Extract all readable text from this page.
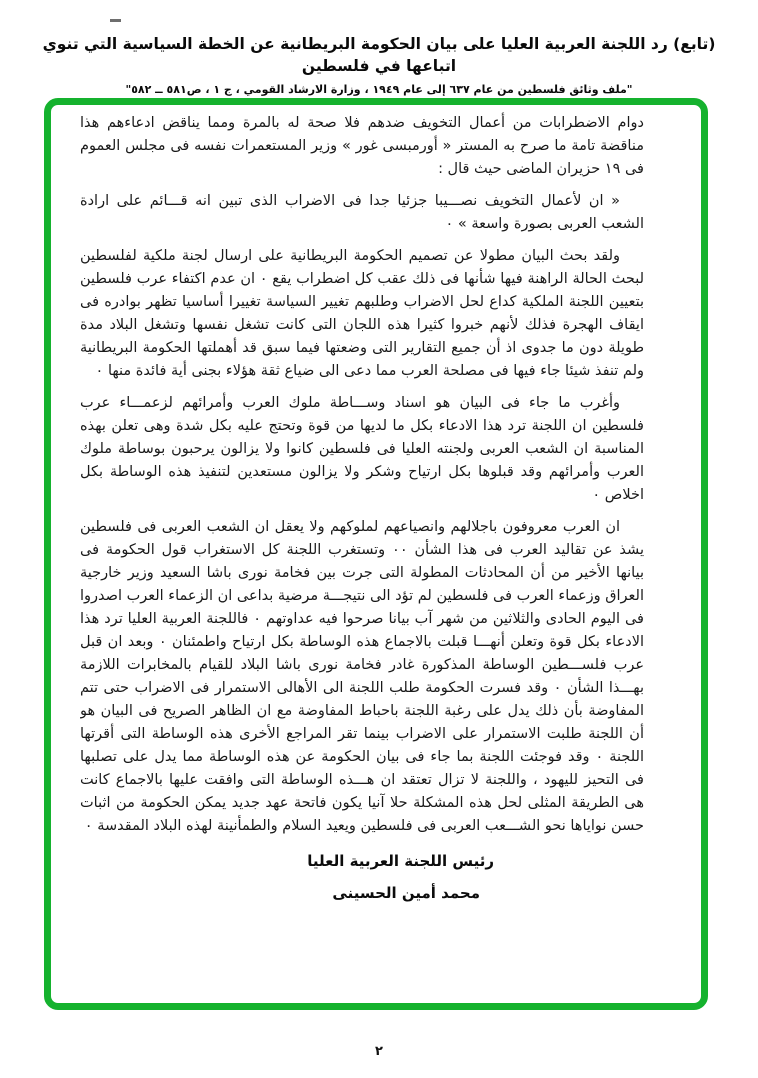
(تابع) رد اللجنة العربية العليا على بيان الحكومة البريطانية عن الخطة السياسية التي تنوي اتباعها في فلسطين
"ملف وثائق فلسطين من عام ٦٣٧ إلى عام ١٩٤٩ ، وزارة الارشاد القومي ، ج ١ ، ص٥٨١ ــ ٥٨٢"

دوام الاضطرابات من أعمال التخويف ضدهم فلا صحة له بالمرة ومما يناقض ادعاءهم هذا مناقضة تامة ما صرح به المستر « أورمبسى غور » وزير المستعمرات نفسه فى مجلس العموم فى ١٩ حزيران الماضى حيث قال :

« ان لأعمال التخويف نصـــيبا جزئيا جدا فى الاضراب الذى تبين انه قـــائم على ارادة الشعب العربى بصورة واسعة » ٠

ولقد بحث البيان مطولا عن تصميم الحكومة البريطانية على ارسال لجنة ملكية لفلسطين لبحث الحالة الراهنة فيها شأنها فى ذلك عقب كل اضطراب يقع ٠ ان عدم اكتفاء عرب فلسطين بتعيين اللجنة الملكية كداع لحل الاضراب وطلبهم تغيير السياسة تغييرا أساسيا تظهر بوادره فى ايقاف الهجرة فذلك لأنهم خبروا كثيرا هذه اللجان التى كانت تشغل نفسها وتشغل البلاد مدة طويلة دون ما جدوى اذ أن جميع التقارير التى وضعتها فيما سبق قد أهملتها الحكومة البريطانية ولم تنفذ شيئا جاء فيها فى مصلحة العرب مما دعى الى ضياع ثقة هؤلاء بجنى أية فائدة منها ٠

وأغرب ما جاء فى البيان هو اسناد وســـاطة ملوك العرب وأمرائهم لزعمـــاء عرب فلسطين ان اللجنة ترد هذا الادعاء بكل ما لديها من قوة وتحتج عليه بكل شدة وهى تعلن بهذه المناسبة ان الشعب العربى ولجنته العليا فى فلسطين كانوا ولا يزالون يرحبون بوساطة ملوك العرب وأمرائهم وقد قبلوها بكل ارتياح وشكر ولا يزالون مستعدين لتنفيذ هذه الوساطة بكل اخلاص ٠

ان العرب معروفون باجلالهم وانصياعهم لملوكهم ولا يعقل ان الشعب العربى فى فلسطين يشذ عن تقاليد العرب فى هذا الشأن ٠٠ وتستغرب اللجنة كل الاستغراب قول الحكومة فى بيانها الأخير من أن المحادثات المطولة التى جرت بين فخامة نورى باشا السعيد وزير خارجية العراق وزعماء العرب فى فلسطين لم تؤد الى نتيجـــة مرضية بداعى ان الزعماء العرب اصدروا فى اليوم الحادى والثلاثين من شهر آب بيانا صرحوا فيه عداوتهم ٠ فاللجنة العربية العليا ترد هذا الادعاء بكل قوة وتعلن أنهـــا قبلت بالاجماع هذه الوساطة بكل ارتياح واطمئنان ٠ وبعد ان قبل عرب فلســـطين الوساطة المذكورة غادر فخامة نورى باشا البلاد للقيام بالمخابرات اللازمة بهـــذا الشأن ٠ وقد فسرت الحكومة طلب اللجنة الى الأهالى الاستمرار فى الاضراب حتى تتم المفاوضة بأن ذلك يدل على رغبة اللجنة باحباط المفاوضة مع ان الظاهر الصريح فى البيان هو أن اللجنة طلبت الاستمرار على الاضراب بينما تقر المراجع الأخرى هذه الوساطة التى أقرتها اللجنة ٠ وقد فوجئت اللجنة بما جاء فى بيان الحكومة عن هذه الوساطة مما يدل على تصلبها فى التحيز لليهود ، واللجنة لا تزال تعتقد ان هـــذه الوساطة التى وافقت عليها بالاجماع كانت هى الطريقة المثلى لحل هذه المشكلة حلا آنيا يكون فاتحة عهد جديد يمكن الحكومة من اثبات حسن نواياها نحو الشـــعب العربى فى فلسطين ويعيد السلام والطمأنينة لهذه البلاد المقدسة ٠

رئيس اللجنة العربية العليا
محمد أمين الحسينى
٢
